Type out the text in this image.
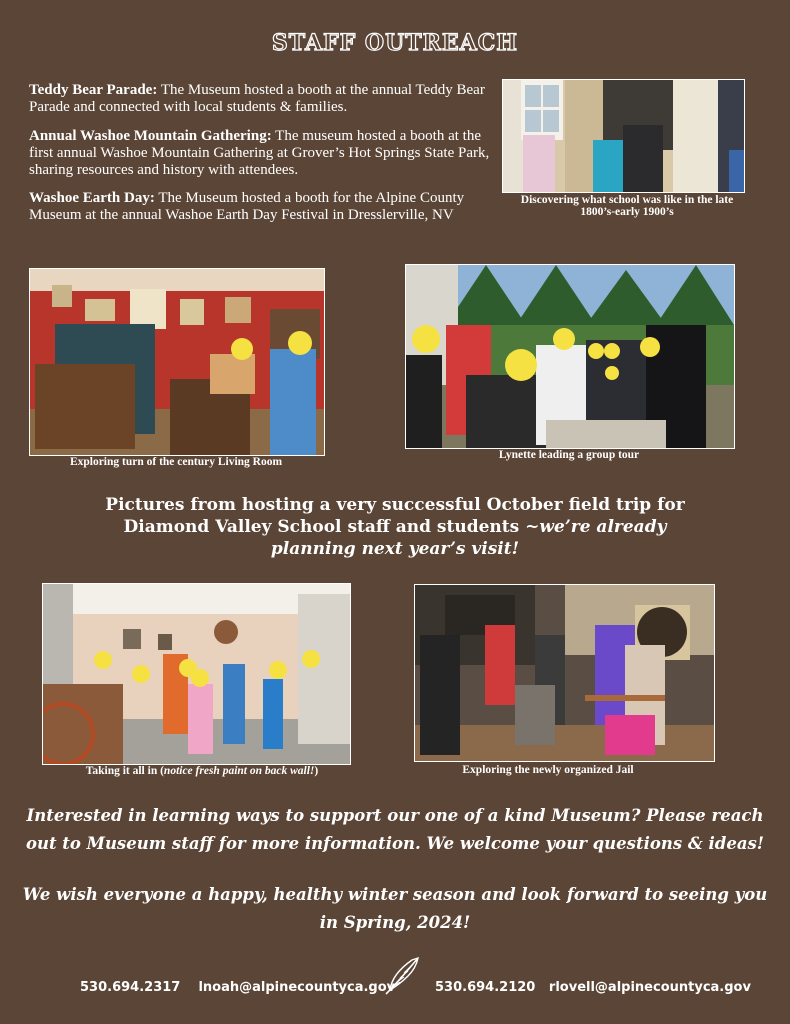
STAFF OUTREACH
Teddy Bear Parade: The Museum hosted a booth at the annual Teddy Bear Parade and connected with local students & families.
Annual Washoe Mountain Gathering: The museum hosted a booth at the first annual Washoe Mountain Gathering at Grover’s Hot Springs State Park, sharing resources and history with attendees.
Washoe Earth Day: The Museum hosted a booth for the Alpine County Museum at the annual Washoe Earth Day Festival in Dresslerville, NV
Discovering what school was like in the late 1800’s-early 1900’s
Exploring turn of the century Living Room
Lynette leading a group tour
Pictures from hosting a very successful October field trip for
Diamond Valley School staff and students ~we’re already
planning next year’s visit!
Taking it all in (notice fresh paint on back wall!)	Exploring the newly organized Jail
Interested in learning ways to support our one of a kind Museum? Please reach out to Museum staff for more information. We welcome your questions & ideas!
We wish everyone a happy, healthy winter season and look forward to seeing you in Spring, 2024!
530.694.2317 lnoah@alpinecountyca.gov	530.694.2120 rlovell@alpinecountyca.gov
